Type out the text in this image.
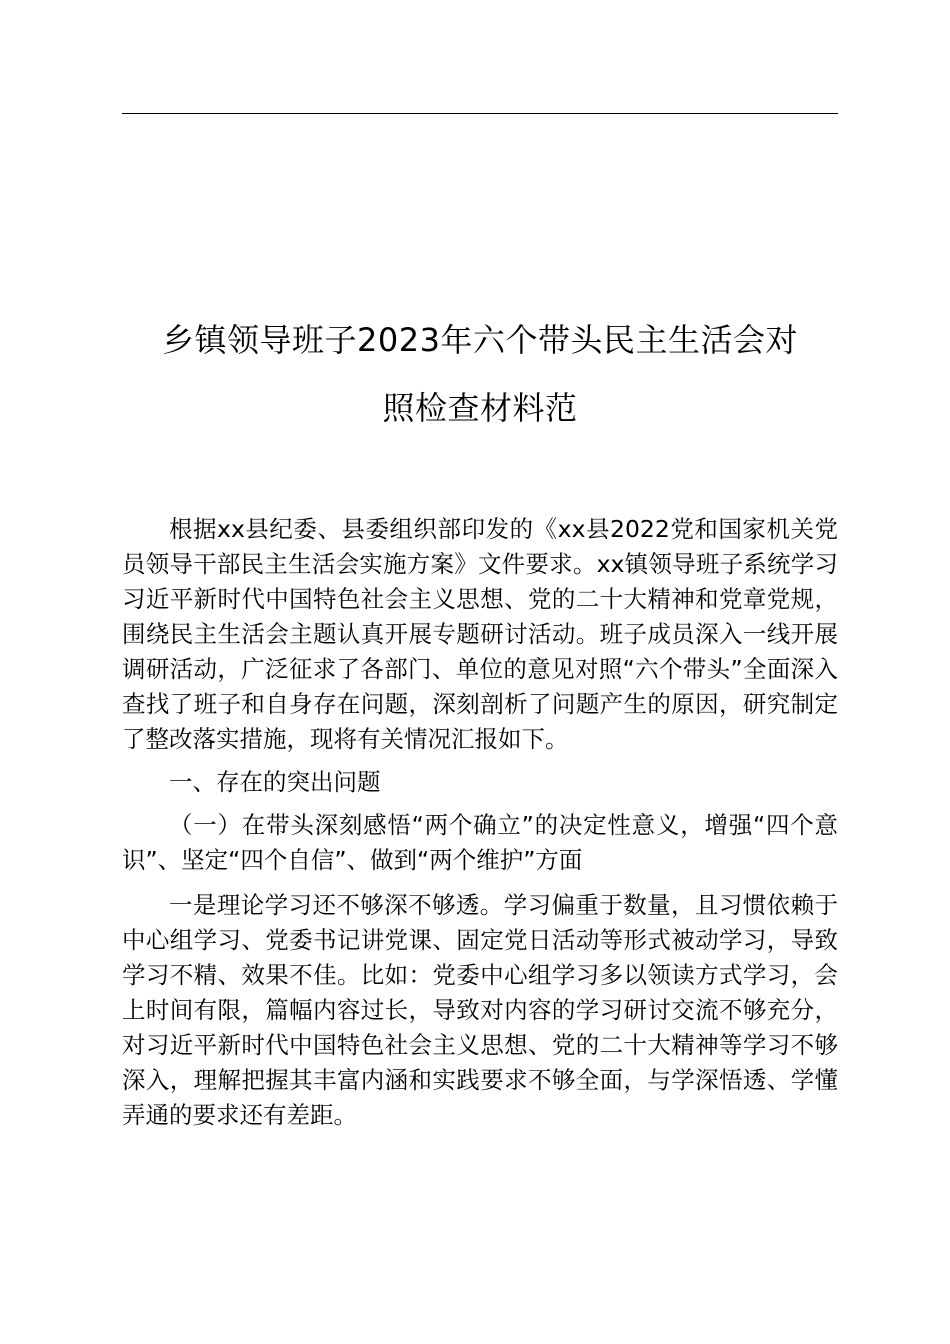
乡镇领导班子2023年六个带头民主生活会对
照检查材料范

根据xx县纪委、县委组织部印发的《xx县2022党和国家机关党员领导干部民主生活会实施方案》文件要求。xx镇领导班子系统学习习近平新时代中国特色社会主义思想、党的二十大精神和党章党规，围绕民主生活会主题认真开展专题研讨活动。班子成员深入一线开展调研活动，广泛征求了各部门、单位的意见对照“六个带头”全面深入查找了班子和自身存在问题，深刻剖析了问题产生的原因，研究制定了整改落实措施，现将有关情况汇报如下。

一、存在的突出问题

（一）在带头深刻感悟“两个确立”的决定性意义，增强“四个意识”、坚定“四个自信”、做到“两个维护”方面

一是理论学习还不够深不够透。学习偏重于数量，且习惯依赖于中心组学习、党委书记讲党课、固定党日活动等形式被动学习，导致学习不精、效果不佳。比如：党委中心组学习多以领读方式学习，会上时间有限，篇幅内容过长，导致对内容的学习研讨交流不够充分，对习近平新时代中国特色社会主义思想、党的二十大精神等学习不够深入，理解把握其丰富内涵和实践要求不够全面，与学深悟透、学懂弄通的要求还有差距。
